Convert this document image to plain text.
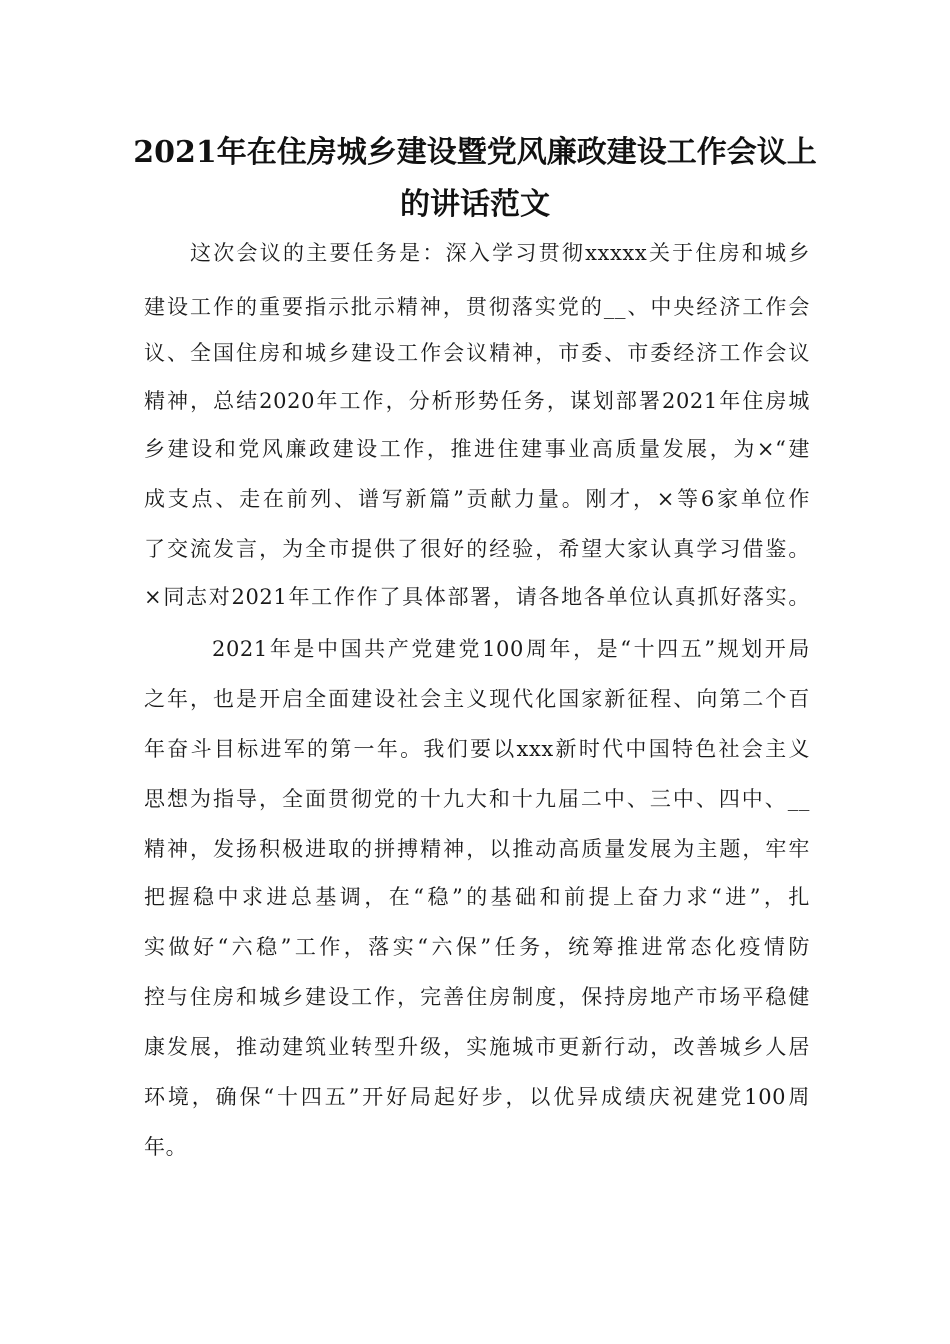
2021年在住房城乡建设暨党风廉政建设工作会议上
的讲话范文
这次会议的主要任务是：深入学习贯彻xxxxx关于住房和城乡
建设工作的重要指示批示精神，贯彻落实党的__、中央经济工作会
议、全国住房和城乡建设工作会议精神，市委、市委经济工作会议
精神，总结2020年工作，分析形势任务，谋划部署2021年住房城
乡建设和党风廉政建设工作，推进住建事业高质量发展，为×“建
成支点、走在前列、谱写新篇”贡献力量。刚才，×等6家单位作
了交流发言，为全市提供了很好的经验，希望大家认真学习借鉴。
×同志对2021年工作作了具体部署，请各地各单位认真抓好落实。
2021年是中国共产党建党100周年，是“十四五”规划开局
之年，也是开启全面建设社会主义现代化国家新征程、向第二个百
年奋斗目标进军的第一年。我们要以xxx新时代中国特色社会主义
思想为指导，全面贯彻党的十九大和十九届二中、三中、四中、__
精神，发扬积极进取的拼搏精神，以推动高质量发展为主题，牢牢
把握稳中求进总基调，在“稳”的基础和前提上奋力求“进”，扎
实做好“六稳”工作，落实“六保”任务，统筹推进常态化疫情防
控与住房和城乡建设工作，完善住房制度，保持房地产市场平稳健
康发展，推动建筑业转型升级，实施城市更新行动，改善城乡人居
环境，确保“十四五”开好局起好步，以优异成绩庆祝建党100周
年。
